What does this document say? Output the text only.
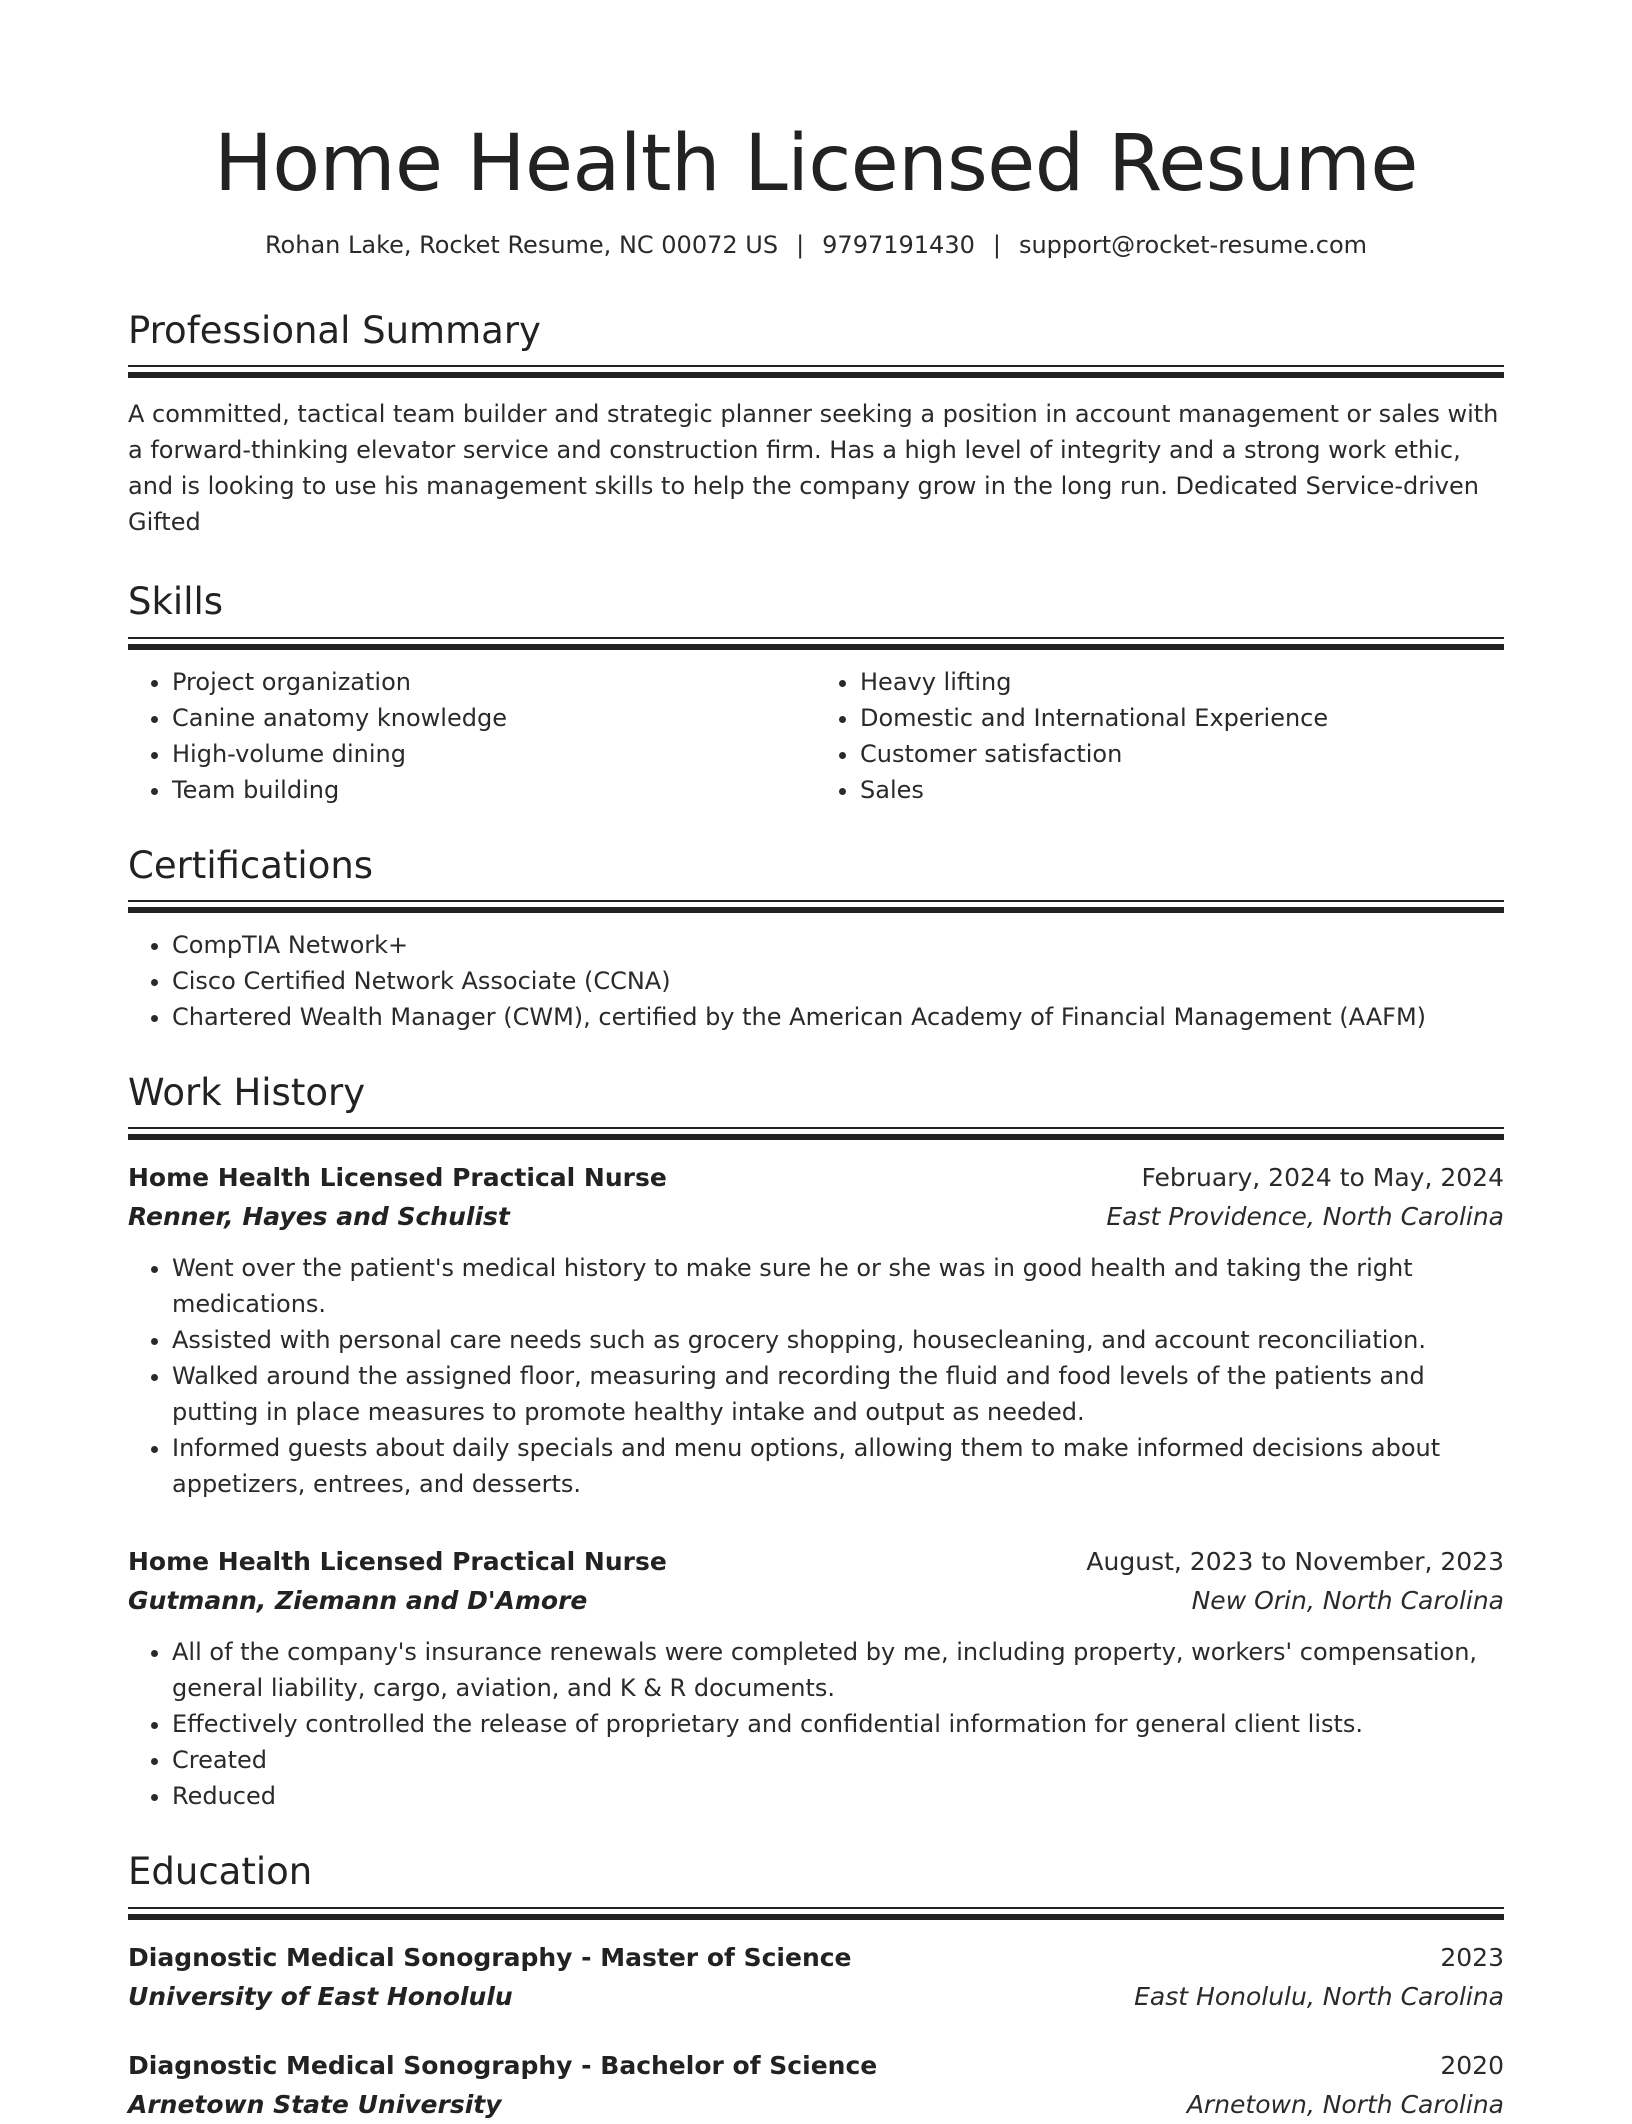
Home Health Licensed Resume
Rohan Lake, Rocket Resume, NC 00072 US | 9797191430 | support@rocket-resume.com
Professional Summary
A committed, tactical team builder and strategic planner seeking a position in account management or sales with a forward-thinking elevator service and construction firm. Has a high level of integrity and a strong work ethic, and is looking to use his management skills to help the company grow in the long run. Dedicated Service-driven Gifted
Skills
• Project organization
• Canine anatomy knowledge
• High-volume dining
• Team building
• Heavy lifting
• Domestic and International Experience
• Customer satisfaction
• Sales
Certifications
• CompTIA Network+
• Cisco Certified Network Associate (CCNA)
• Chartered Wealth Manager (CWM), certified by the American Academy of Financial Management (AAFM)
Work History
Home Health Licensed Practical Nurse	February, 2024 to May, 2024
Renner, Hayes and Schulist	East Providence, North Carolina
• Went over the patient's medical history to make sure he or she was in good health and taking the right medications.
• Assisted with personal care needs such as grocery shopping, housecleaning, and account reconciliation.
• Walked around the assigned floor, measuring and recording the fluid and food levels of the patients and putting in place measures to promote healthy intake and output as needed.
• Informed guests about daily specials and menu options, allowing them to make informed decisions about appetizers, entrees, and desserts.
Home Health Licensed Practical Nurse	August, 2023 to November, 2023
Gutmann, Ziemann and D'Amore	New Orin, North Carolina
• All of the company's insurance renewals were completed by me, including property, workers' compensation, general liability, cargo, aviation, and K & R documents.
• Effectively controlled the release of proprietary and confidential information for general client lists.
• Created
• Reduced
Education
Diagnostic Medical Sonography - Master of Science	2023
University of East Honolulu	East Honolulu, North Carolina
Diagnostic Medical Sonography - Bachelor of Science	2020
Arnetown State University	Arnetown, North Carolina
